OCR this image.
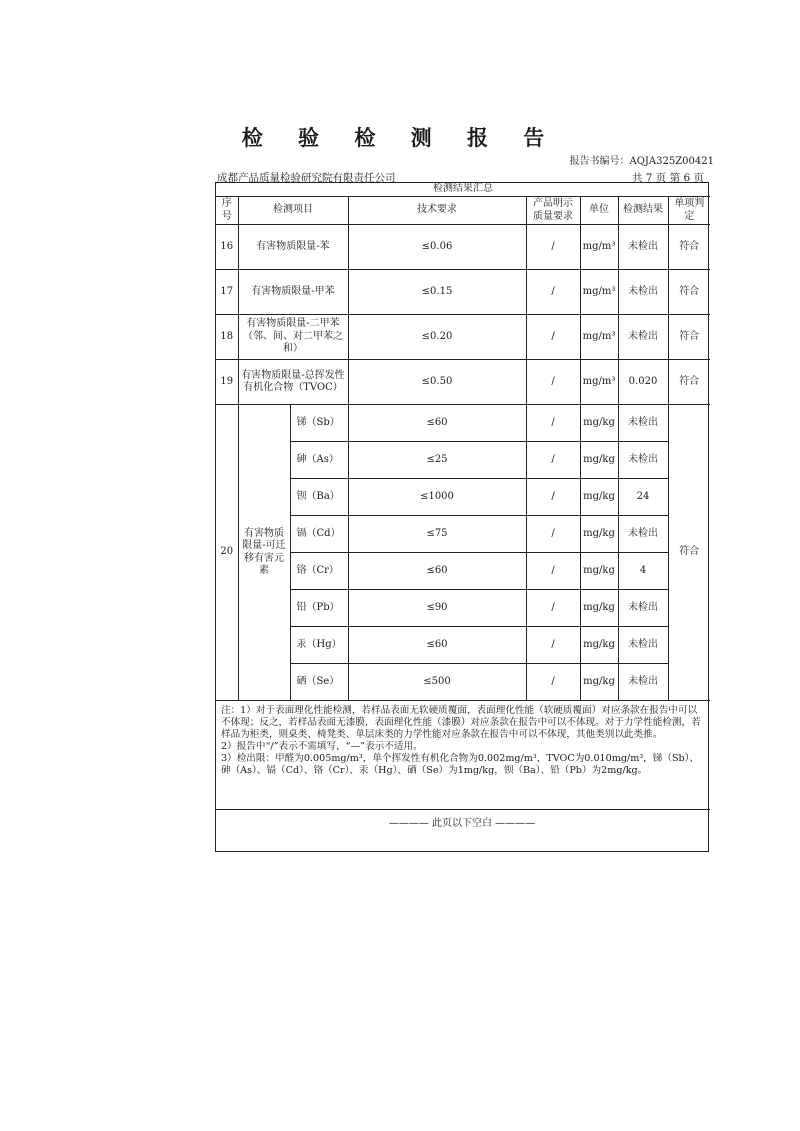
检 验 检 测 报 告
报告书编号：AQJA325Z00421
成都产品质量检验研究院有限责任公司	共 7 页 第 6 页
检测结果汇总							
序号	检测项目		技术要求	产品明示质量要求	单位	检测结果	单项判定
16	有害物质限量-苯		≤0.06	/	mg/m³	未检出	符合
17	有害物质限量-甲苯		≤0.15	/	mg/m³	未检出	符合
18	有害物质限量-二甲苯（邻、间、对二甲苯之和）		≤0.20	/	mg/m³	未检出	符合
19	有害物质限量-总挥发性有机化合物（TVOC）		≤0.50	/	mg/m³	0.020	符合
20	有害物质限量-可迁移有害元素	锑（Sb）	≤60	/	mg/kg	未检出	符合
		砷（As）	≤25	/	mg/kg	未检出	
		钡（Ba）	≤1000	/	mg/kg	24	
		镉（Cd）	≤75	/	mg/kg	未检出	
		铬（Cr）	≤60	/	mg/kg	4	
		铅（Pb）	≤90	/	mg/kg	未检出	
		汞（Hg）	≤60	/	mg/kg	未检出	
		硒（Se）	≤500	/	mg/kg	未检出	

注：1）对于表面理化性能检测，若样品表面无软硬质覆面，表面理化性能（软硬质覆面）对应条款在报告中可以不体现；反之，若样品表面无漆膜，表面理化性能（漆膜）对应条款在报告中可以不体现。对于力学性能检测，若样品为柜类，则桌类、椅凳类、单层床类的力学性能对应条款在报告中可以不体现，其他类别以此类推。

2）报告中“/”表示不需填写，“—”表示不适用。

3）检出限：甲醛为0.005mg/m³，单个挥发性有机化合物为0.002mg/m³，TVOC为0.010mg/m³，锑（Sb）、砷（As）、镉（Cd）、铬（Cr）、汞（Hg）、硒（Se）为1mg/kg，钡（Ba）、铅（Pb）为2mg/kg。							

———— 此页以下空白 ————
